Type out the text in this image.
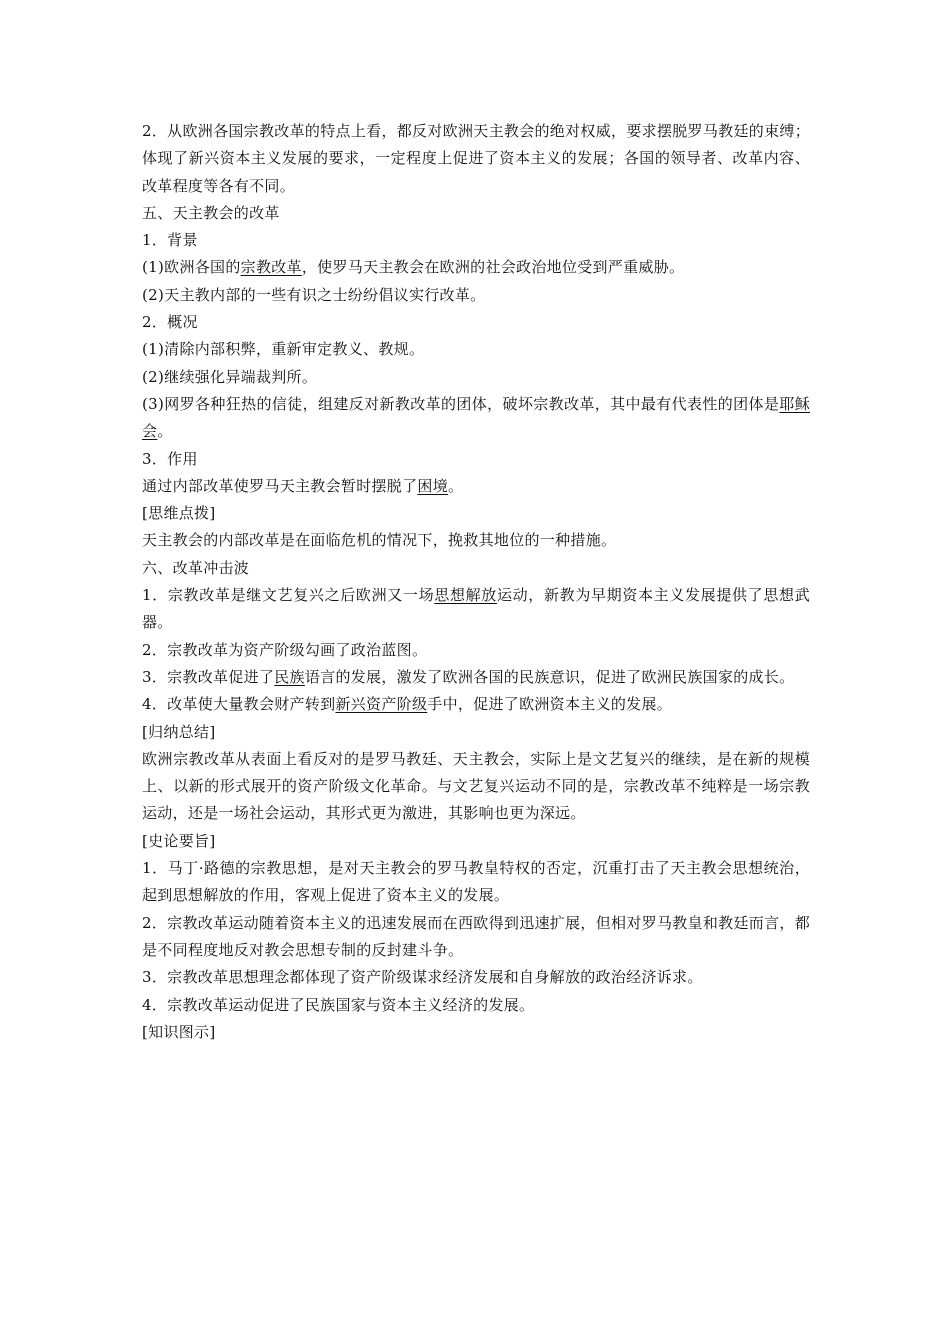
2．从欧洲各国宗教改革的特点上看，都反对欧洲天主教会的绝对权威，要求摆脱罗马教廷的束缚；体现了新兴资本主义发展的要求，一定程度上促进了资本主义的发展；各国的领导者、改革内容、改革程度等各有不同。

五、天主教会的改革

1．背景

(1)欧洲各国的宗教改革，使罗马天主教会在欧洲的社会政治地位受到严重威胁。

(2)天主教内部的一些有识之士纷纷倡议实行改革。

2．概况

(1)清除内部积弊，重新审定教义、教规。

(2)继续强化异端裁判所。

(3)网罗各种狂热的信徒，组建反对新教改革的团体，破坏宗教改革，其中最有代表性的团体是耶稣会。

3．作用

通过内部改革使罗马天主教会暂时摆脱了困境。

[思维点拨]

天主教会的内部改革是在面临危机的情况下，挽救其地位的一种措施。

六、改革冲击波

1．宗教改革是继文艺复兴之后欧洲又一场思想解放运动，新教为早期资本主义发展提供了思想武器。

2．宗教改革为资产阶级勾画了政治蓝图。

3．宗教改革促进了民族语言的发展，激发了欧洲各国的民族意识，促进了欧洲民族国家的成长。

4．改革使大量教会财产转到新兴资产阶级手中，促进了欧洲资本主义的发展。

[归纳总结]

欧洲宗教改革从表面上看反对的是罗马教廷、天主教会，实际上是文艺复兴的继续，是在新的规模上、以新的形式展开的资产阶级文化革命。与文艺复兴运动不同的是，宗教改革不纯粹是一场宗教运动，还是一场社会运动，其形式更为激进，其影响也更为深远。

[史论要旨]

1．马丁·路德的宗教思想，是对天主教会的罗马教皇特权的否定，沉重打击了天主教会思想统治，起到思想解放的作用，客观上促进了资本主义的发展。

2．宗教改革运动随着资本主义的迅速发展而在西欧得到迅速扩展，但相对罗马教皇和教廷而言，都是不同程度地反对教会思想专制的反封建斗争。

3．宗教改革思想理念都体现了资产阶级谋求经济发展和自身解放的政治经济诉求。

4．宗教改革运动促进了民族国家与资本主义经济的发展。

[知识图示]
